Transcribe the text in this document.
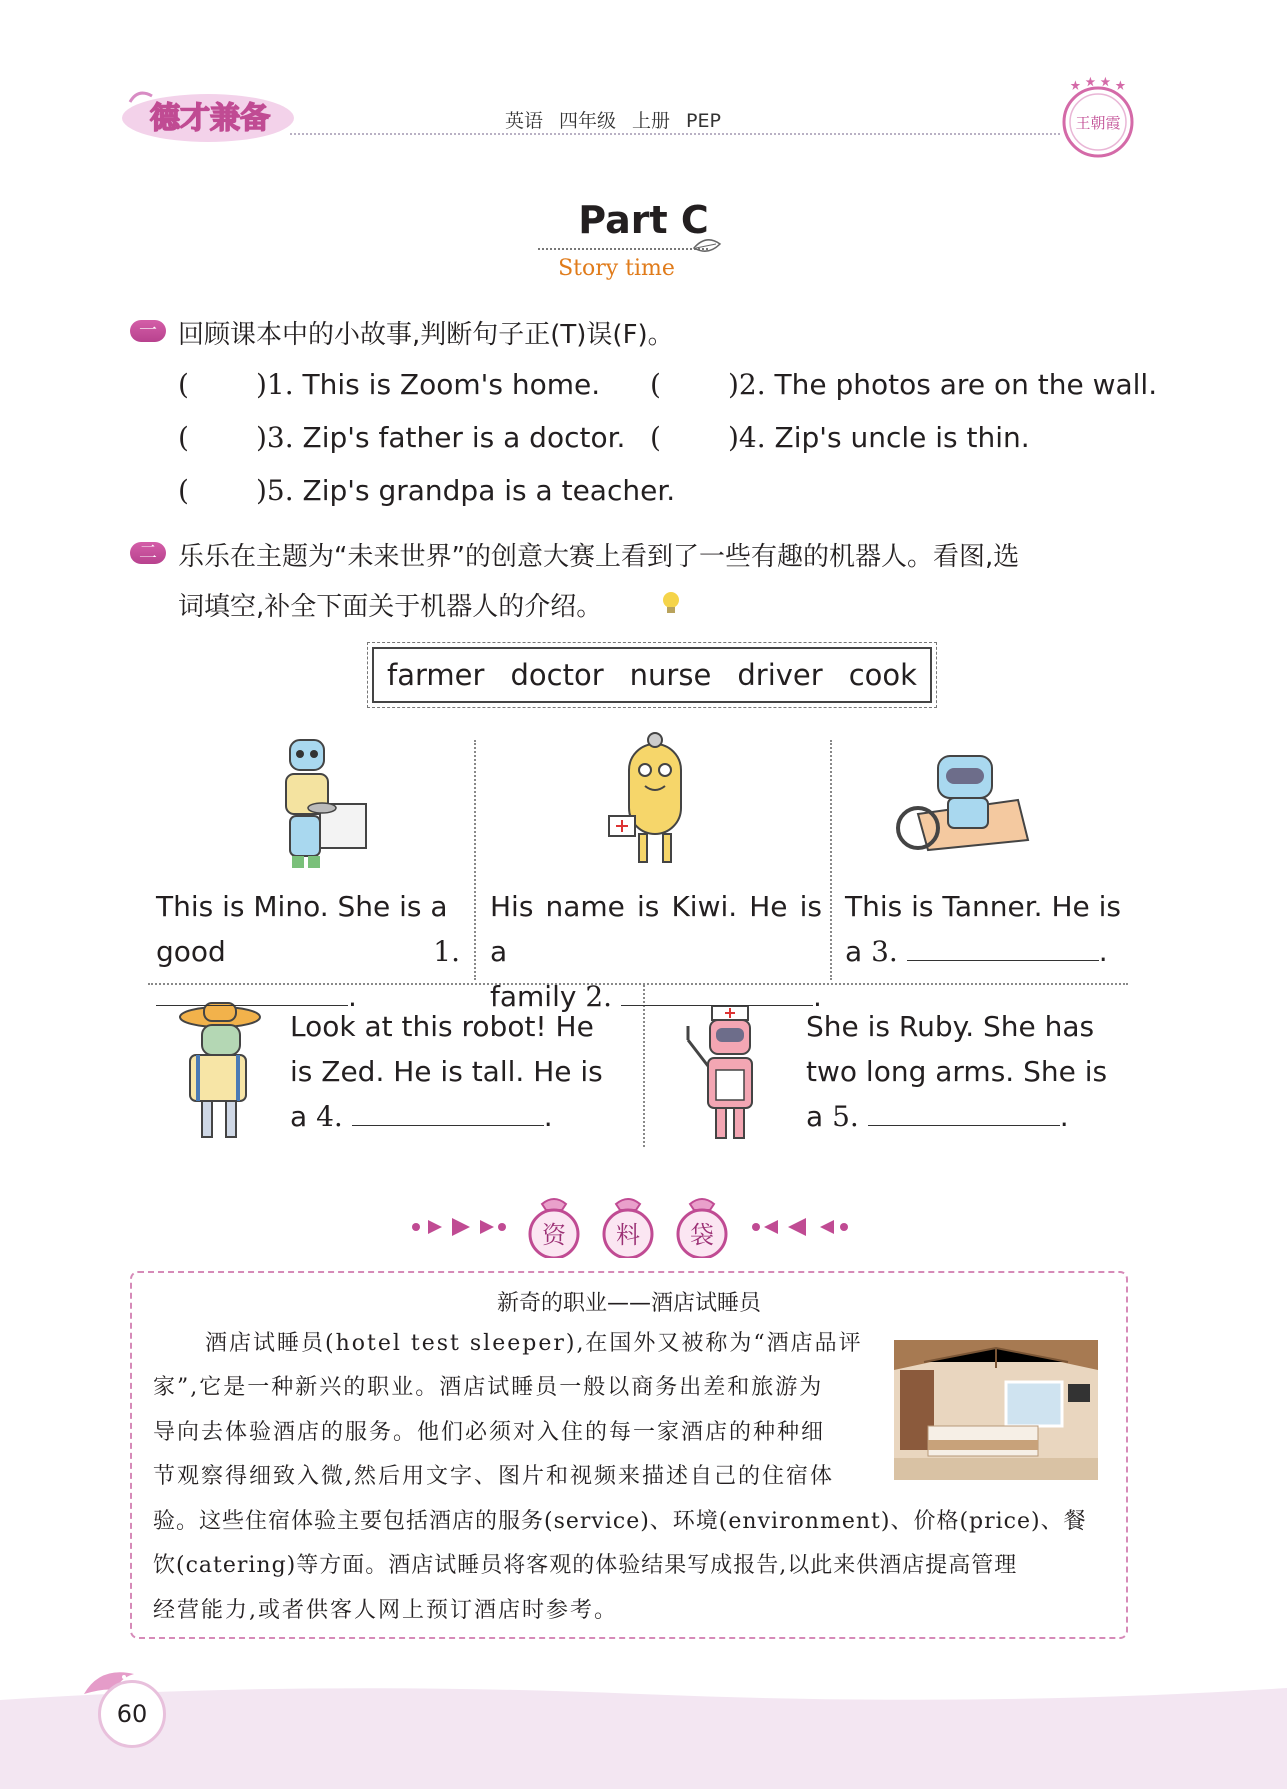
德才兼备	英语 四年级 上册 PEP	王朝霞
Part C
Story time
一 回顾课本中的小故事,判断句子正(T)误(F)。
( )1. This is Zoom's home. ( )2. The photos are on the wall.
( )3. Zip's father is a doctor. ( )4. Zip's uncle is thin.
( )5. Zip's grandpa is a teacher.
二 乐乐在主题为“未来世界”的创意大赛上看到了一些有趣的机器人。看图,选
词填空,补全下面关于机器人的介绍。
farmer doctor nurse driver cook
This is Mino. She is a
good	1. .
His name is Kiwi. He is a
family 2.	.
This is Tanner. He is
a 3.	.
Look at this robot! He
is Zed. He is tall. He is
a 4.	.
She is Ruby. She has
two long arms. She is
a 5.	.
资 料 袋
新奇的职业——酒店试睡员
酒店试睡员(hotel test sleeper),在国外又被称为“酒店品评
家”,它是一种新兴的职业。酒店试睡员一般以商务出差和旅游为
导向去体验酒店的服务。他们必须对入住的每一家酒店的种种细
节观察得细致入微,然后用文字、图片和视频来描述自己的住宿体
验。这些住宿体验主要包括酒店的服务(service)、环境(environment)、价格(price)、餐
饮(catering)等方面。酒店试睡员将客观的体验结果写成报告,以此来供酒店提高管理
经营能力,或者供客人网上预订酒店时参考。
60
